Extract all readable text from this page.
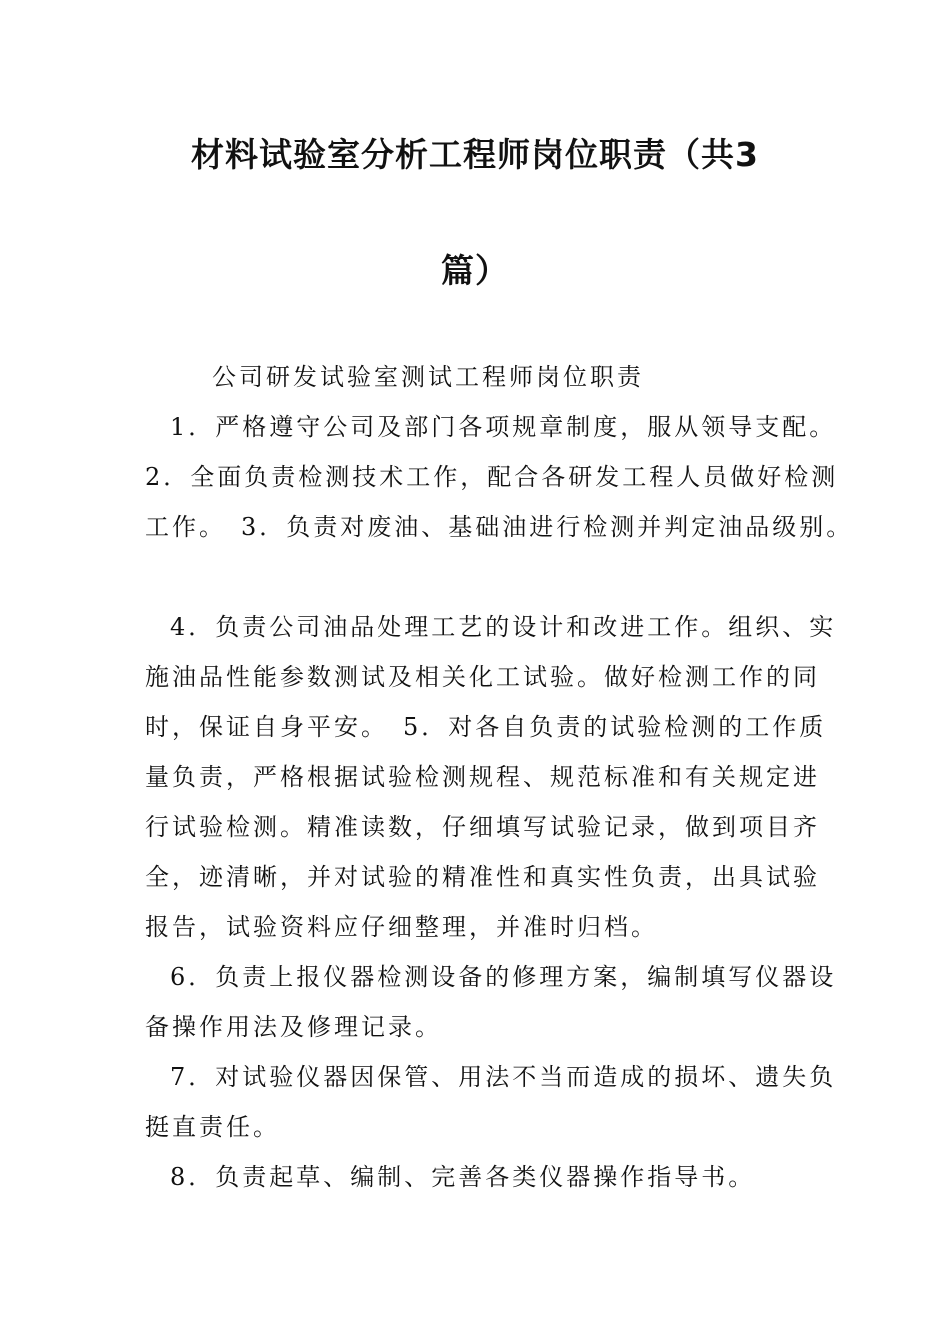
材料试验室分析工程师岗位职责（共3
篇）
公司研发试验室测试工程师岗位职责
1．严格遵守公司及部门各项规章制度，服从领导支配。
2．全面负责检测技术工作，配合各研发工程人员做好检测
工作。　3．负责对废油、基础油进行检测并判定油品级别。
4．负责公司油品处理工艺的设计和改进工作。组织、实
施油品性能参数测试及相关化工试验。做好检测工作的同
时，保证自身平安。　5．对各自负责的试验检测的工作质
量负责，严格根据试验检测规程、规范标准和有关规定进
行试验检测。精准读数，仔细填写试验记录，做到项目齐
全，迹清晰，并对试验的精准性和真实性负责，出具试验
报告，试验资料应仔细整理，并准时归档。
6．负责上报仪器检测设备的修理方案，编制填写仪器设
备操作用法及修理记录。
7．对试验仪器因保管、用法不当而造成的损坏、遗失负
挺直责任。
8．负责起草、编制、完善各类仪器操作指导书。
